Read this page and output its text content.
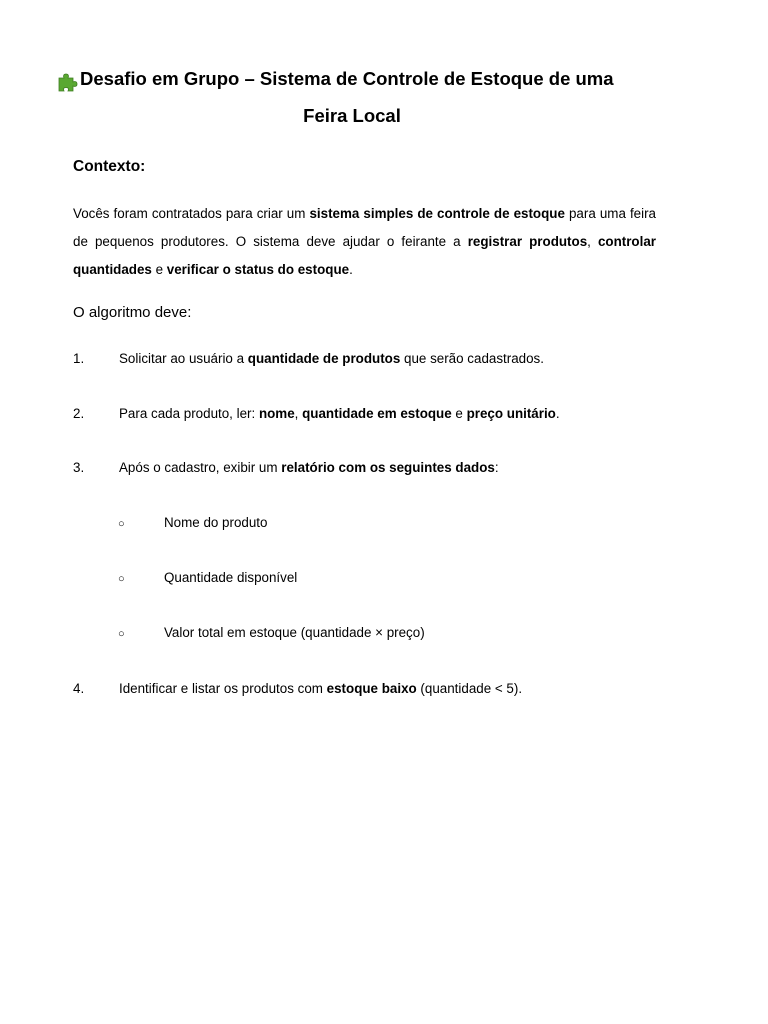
Desafio em Grupo – Sistema de Controle de Estoque de uma
Feira Local
Contexto:
Vocês foram contratados para criar um sistema simples de controle de estoque para uma feira de pequenos produtores. O sistema deve ajudar o feirante a registrar produtos, controlar quantidades e verificar o status do estoque.
O algoritmo deve:
1.	Solicitar ao usuário a quantidade de produtos que serão cadastrados.
2.	Para cada produto, ler: nome, quantidade em estoque e preço unitário.
3.	Após o cadastro, exibir um relatório com os seguintes dados:
○	Nome do produto
○	Quantidade disponível
○	Valor total em estoque (quantidade × preço)
4.	Identificar e listar os produtos com estoque baixo (quantidade < 5).
